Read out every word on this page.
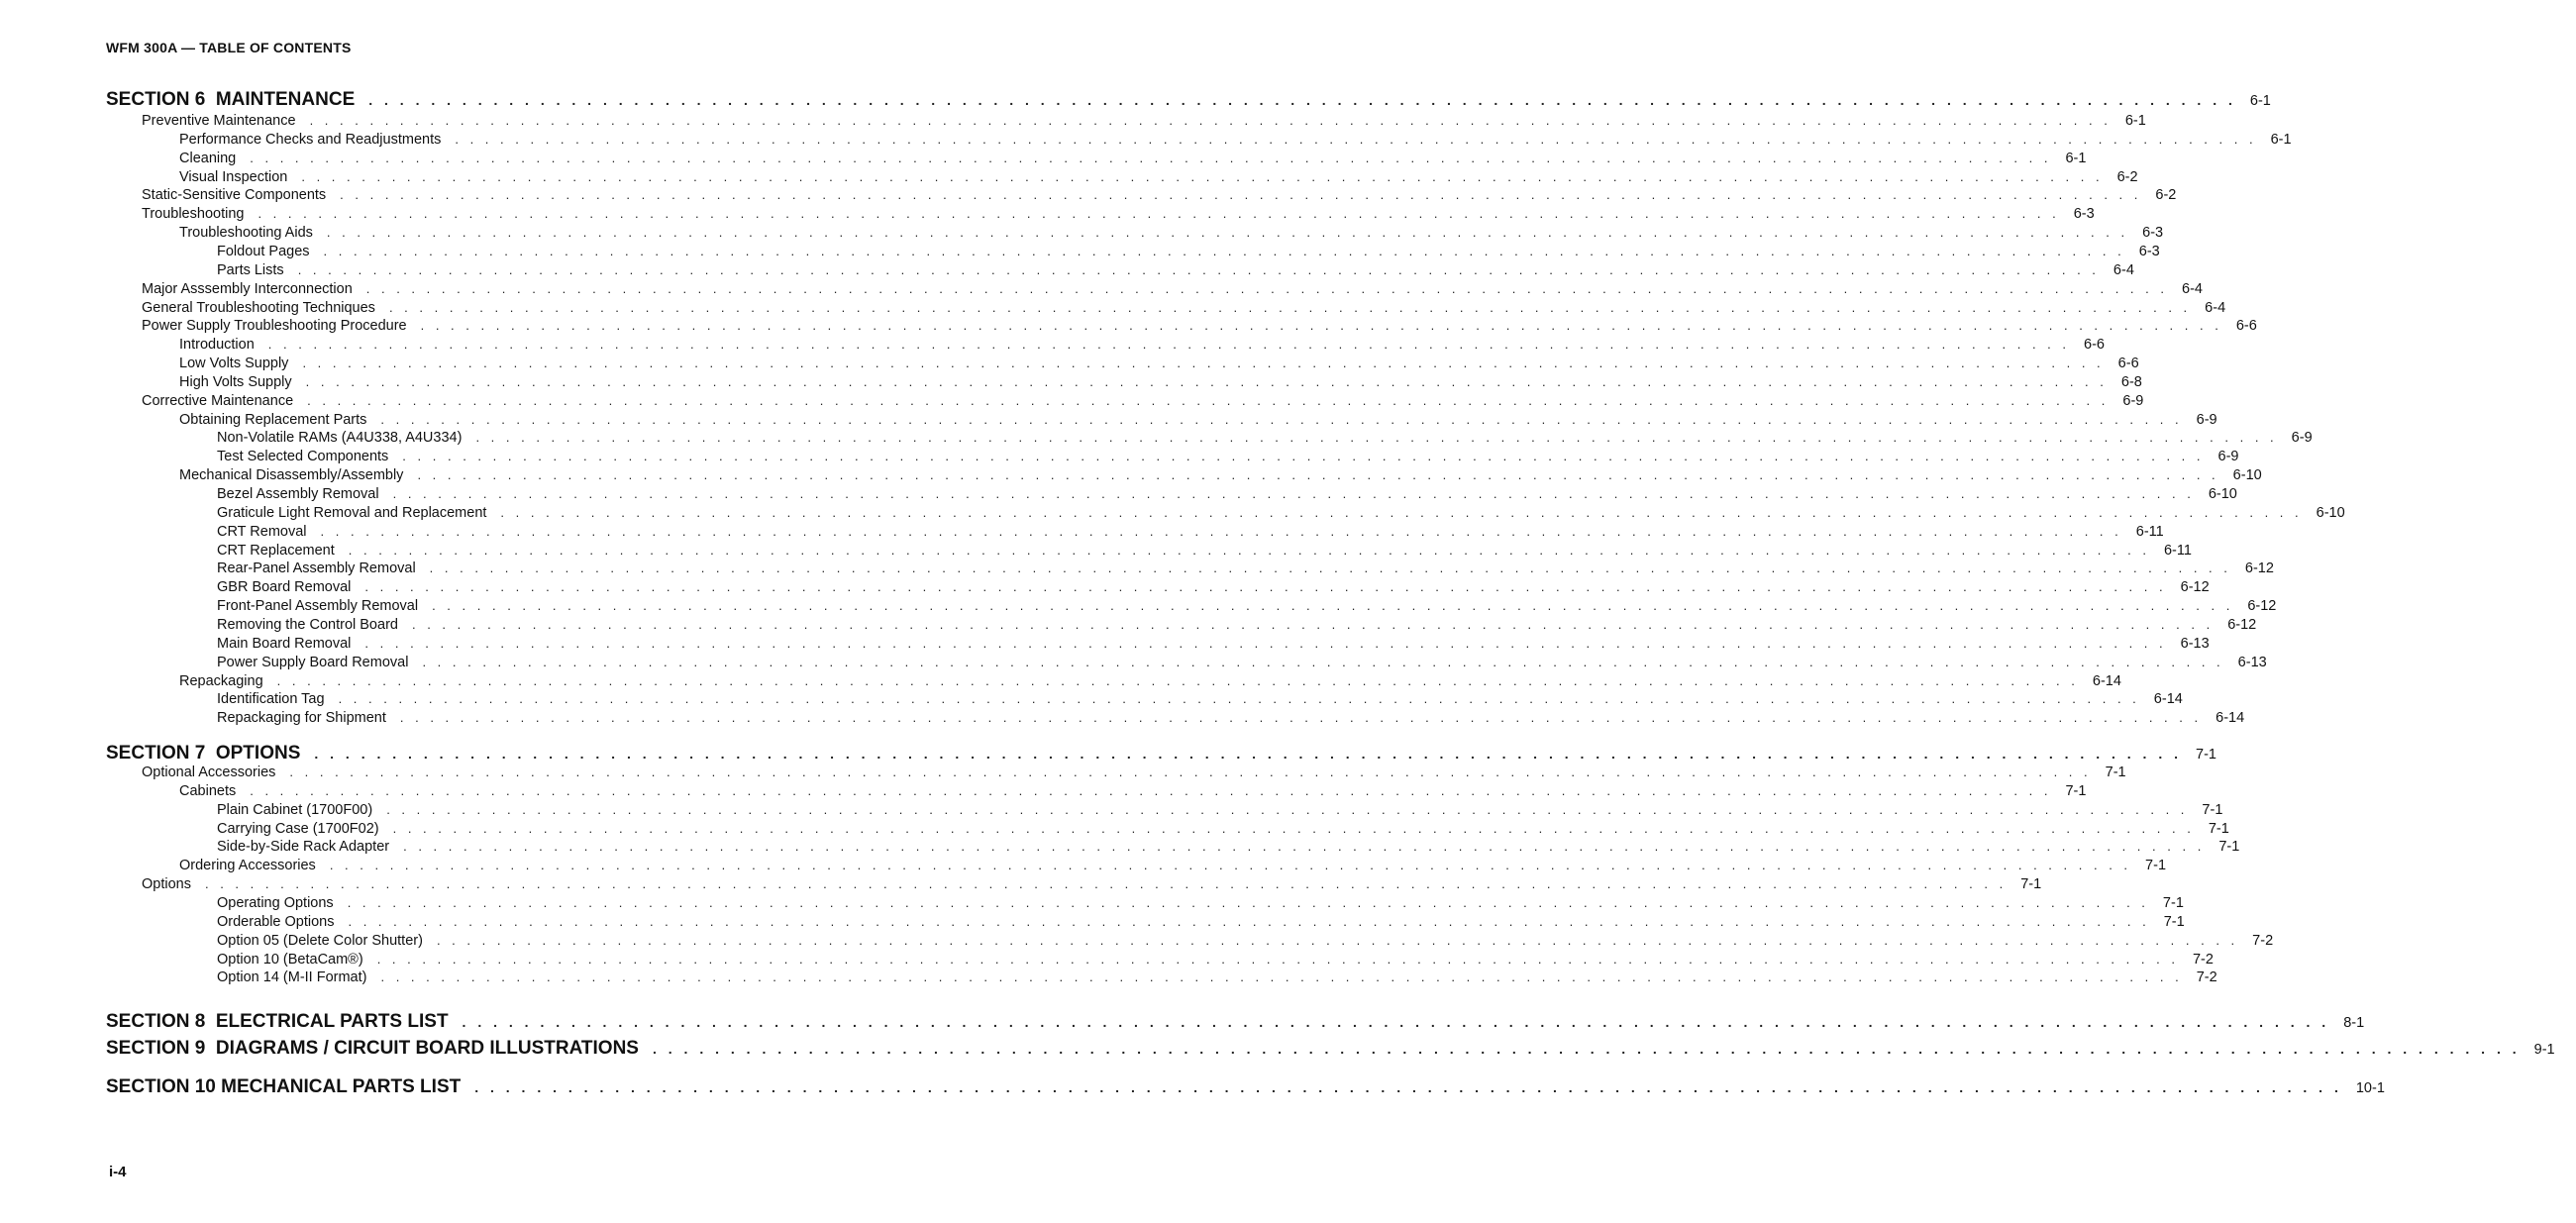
WFM 300A — TABLE OF CONTENTS
SECTION 6  MAINTENANCE . . . . . . . . . . . . . . . . . . . . . . . . . . . . . . . . . . . . . . . . . . . . . . . . . . . . . . . . . . . . . . . . . . . . . . . . . . . . . . . . . . . . . . . . . . . . . . . . . . . . . . . . . . . . . . . . . . . . . . . . 6-1
Preventive Maintenance . . . . . . . . . . . . . . . . . . . . . . . . . . . . . . . . . . . . . . . . . . . . . . . . . . . . . . . . . . . . . . . . . . . . . . . . . . . . . . . . . . . . . . . . . . . . . . . . . . . . . . . . . . . . . . . . . . . . . . . . 6-1
Performance Checks and Readjustments . . . . . . . . . . . . . . . . . . . . . . . . . . . . . . . . . . . . . . . . . . . . . . . . . . . . . . . . . . . . . . . . . . . . . . . . . . . . . . . . . . . . . . . . . . . . . . . . . . . . . . . . . . . . . . . . . . . . . . . . 6-1
Cleaning . . . . . . . . . . . . . . . . . . . . . . . . . . . . . . . . . . . . . . . . . . . . . . . . . . . . . . . . . . . . . . . . . . . . . . . . . . . . . . . . . . . . . . . . . . . . . . . . . . . . . . . . . . . . . . . . . . . . . . . . 6-1
Visual Inspection . . . . . . . . . . . . . . . . . . . . . . . . . . . . . . . . . . . . . . . . . . . . . . . . . . . . . . . . . . . . . . . . . . . . . . . . . . . . . . . . . . . . . . . . . . . . . . . . . . . . . . . . . . . . . . . . . . . . . . . . 6-2
Static-Sensitive Components . . . . . . . . . . . . . . . . . . . . . . . . . . . . . . . . . . . . . . . . . . . . . . . . . . . . . . . . . . . . . . . . . . . . . . . . . . . . . . . . . . . . . . . . . . . . . . . . . . . . . . . . . . . . . . . . . . . . . . . . 6-2
Troubleshooting . . . . . . . . . . . . . . . . . . . . . . . . . . . . . . . . . . . . . . . . . . . . . . . . . . . . . . . . . . . . . . . . . . . . . . . . . . . . . . . . . . . . . . . . . . . . . . . . . . . . . . . . . . . . . . . . . . . . . . . . 6-3
Troubleshooting Aids . . . . . . . . . . . . . . . . . . . . . . . . . . . . . . . . . . . . . . . . . . . . . . . . . . . . . . . . . . . . . . . . . . . . . . . . . . . . . . . . . . . . . . . . . . . . . . . . . . . . . . . . . . . . . . . . . . . . . . . . 6-3
Foldout Pages . . . . . . . . . . . . . . . . . . . . . . . . . . . . . . . . . . . . . . . . . . . . . . . . . . . . . . . . . . . . . . . . . . . . . . . . . . . . . . . . . . . . . . . . . . . . . . . . . . . . . . . . . . . . . . . . . . . . . . . . 6-3
Parts Lists . . . . . . . . . . . . . . . . . . . . . . . . . . . . . . . . . . . . . . . . . . . . . . . . . . . . . . . . . . . . . . . . . . . . . . . . . . . . . . . . . . . . . . . . . . . . . . . . . . . . . . . . . . . . . . . . . . . . . . . . 6-4
Major Asssembly Interconnection . . . . . . . . . . . . . . . . . . . . . . . . . . . . . . . . . . . . . . . . . . . . . . . . . . . . . . . . . . . . . . . . . . . . . . . . . . . . . . . . . . . . . . . . . . . . . . . . . . . . . . . . . . . . . . . . . . . . . . . . 6-4
General Troubleshooting Techniques . . . . . . . . . . . . . . . . . . . . . . . . . . . . . . . . . . . . . . . . . . . . . . . . . . . . . . . . . . . . . . . . . . . . . . . . . . . . . . . . . . . . . . . . . . . . . . . . . . . . . . . . . . . . . . . . . . . . . . . . 6-4
Power Supply Troubleshooting Procedure . . . . . . . . . . . . . . . . . . . . . . . . . . . . . . . . . . . . . . . . . . . . . . . . . . . . . . . . . . . . . . . . . . . . . . . . . . . . . . . . . . . . . . . . . . . . . . . . . . . . . . . . . . . . . . . . . . . . . . . . 6-6
Introduction . . . . . . . . . . . . . . . . . . . . . . . . . . . . . . . . . . . . . . . . . . . . . . . . . . . . . . . . . . . . . . . . . . . . . . . . . . . . . . . . . . . . . . . . . . . . . . . . . . . . . . . . . . . . . . . . . . . . . . . . 6-6
Low Volts Supply . . . . . . . . . . . . . . . . . . . . . . . . . . . . . . . . . . . . . . . . . . . . . . . . . . . . . . . . . . . . . . . . . . . . . . . . . . . . . . . . . . . . . . . . . . . . . . . . . . . . . . . . . . . . . . . . . . . . . . . . 6-6
High Volts Supply . . . . . . . . . . . . . . . . . . . . . . . . . . . . . . . . . . . . . . . . . . . . . . . . . . . . . . . . . . . . . . . . . . . . . . . . . . . . . . . . . . . . . . . . . . . . . . . . . . . . . . . . . . . . . . . . . . . . . . . . 6-8
Corrective Maintenance . . . . . . . . . . . . . . . . . . . . . . . . . . . . . . . . . . . . . . . . . . . . . . . . . . . . . . . . . . . . . . . . . . . . . . . . . . . . . . . . . . . . . . . . . . . . . . . . . . . . . . . . . . . . . . . . . . . . . . . . 6-9
Obtaining Replacement Parts . . . . . . . . . . . . . . . . . . . . . . . . . . . . . . . . . . . . . . . . . . . . . . . . . . . . . . . . . . . . . . . . . . . . . . . . . . . . . . . . . . . . . . . . . . . . . . . . . . . . . . . . . . . . . . . . . . . . . . . . 6-9
Non-Volatile RAMs (A4U338, A4U334) . . . . . . . . . . . . . . . . . . . . . . . . . . . . . . . . . . . . . . . . . . . . . . . . . . . . . . . . . . . . . . . . . . . . . . . . . . . . . . . . . . . . . . . . . . . . . . . . . . . . . . . . . . . . . . . . . . . . . . . . 6-9
Test Selected Components . . . . . . . . . . . . . . . . . . . . . . . . . . . . . . . . . . . . . . . . . . . . . . . . . . . . . . . . . . . . . . . . . . . . . . . . . . . . . . . . . . . . . . . . . . . . . . . . . . . . . . . . . . . . . . . . . . . . . . . . 6-9
Mechanical Disassembly/Assembly . . . . . . . . . . . . . . . . . . . . . . . . . . . . . . . . . . . . . . . . . . . . . . . . . . . . . . . . . . . . . . . . . . . . . . . . . . . . . . . . . . . . . . . . . . . . . . . . . . . . . . . . . . . . . . . . . . . . . . . . 6-10
Bezel Assembly Removal . . . . . . . . . . . . . . . . . . . . . . . . . . . . . . . . . . . . . . . . . . . . . . . . . . . . . . . . . . . . . . . . . . . . . . . . . . . . . . . . . . . . . . . . . . . . . . . . . . . . . . . . . . . . . . . . . . . . . . . . 6-10
Graticule Light Removal and Replacement . . . . . . . . . . . . . . . . . . . . . . . . . . . . . . . . . . . . . . . . . . . . . . . . . . . . . . . . . . . . . . . . . . . . . . . . . . . . . . . . . . . . . . . . . . . . . . . . . . . . . . . . . . . . . . . . . . . . . . . . 6-10
CRT Removal . . . . . . . . . . . . . . . . . . . . . . . . . . . . . . . . . . . . . . . . . . . . . . . . . . . . . . . . . . . . . . . . . . . . . . . . . . . . . . . . . . . . . . . . . . . . . . . . . . . . . . . . . . . . . . . . . . . . . . . . 6-11
CRT Replacement . . . . . . . . . . . . . . . . . . . . . . . . . . . . . . . . . . . . . . . . . . . . . . . . . . . . . . . . . . . . . . . . . . . . . . . . . . . . . . . . . . . . . . . . . . . . . . . . . . . . . . . . . . . . . . . . . . . . . . . . 6-11
Rear-Panel Assembly Removal . . . . . . . . . . . . . . . . . . . . . . . . . . . . . . . . . . . . . . . . . . . . . . . . . . . . . . . . . . . . . . . . . . . . . . . . . . . . . . . . . . . . . . . . . . . . . . . . . . . . . . . . . . . . . . . . . . . . . . . . 6-12
GBR Board Removal . . . . . . . . . . . . . . . . . . . . . . . . . . . . . . . . . . . . . . . . . . . . . . . . . . . . . . . . . . . . . . . . . . . . . . . . . . . . . . . . . . . . . . . . . . . . . . . . . . . . . . . . . . . . . . . . . . . . . . . . 6-12
Front-Panel Assembly Removal . . . . . . . . . . . . . . . . . . . . . . . . . . . . . . . . . . . . . . . . . . . . . . . . . . . . . . . . . . . . . . . . . . . . . . . . . . . . . . . . . . . . . . . . . . . . . . . . . . . . . . . . . . . . . . . . . . . . . . . . 6-12
Removing the Control Board . . . . . . . . . . . . . . . . . . . . . . . . . . . . . . . . . . . . . . . . . . . . . . . . . . . . . . . . . . . . . . . . . . . . . . . . . . . . . . . . . . . . . . . . . . . . . . . . . . . . . . . . . . . . . . . . . . . . . . . . 6-12
Main Board Removal . . . . . . . . . . . . . . . . . . . . . . . . . . . . . . . . . . . . . . . . . . . . . . . . . . . . . . . . . . . . . . . . . . . . . . . . . . . . . . . . . . . . . . . . . . . . . . . . . . . . . . . . . . . . . . . . . . . . . . . . 6-13
Power Supply Board Removal . . . . . . . . . . . . . . . . . . . . . . . . . . . . . . . . . . . . . . . . . . . . . . . . . . . . . . . . . . . . . . . . . . . . . . . . . . . . . . . . . . . . . . . . . . . . . . . . . . . . . . . . . . . . . . . . . . . . . . . . 6-13
Repackaging . . . . . . . . . . . . . . . . . . . . . . . . . . . . . . . . . . . . . . . . . . . . . . . . . . . . . . . . . . . . . . . . . . . . . . . . . . . . . . . . . . . . . . . . . . . . . . . . . . . . . . . . . . . . . . . . . . . . . . . . 6-14
Identification Tag . . . . . . . . . . . . . . . . . . . . . . . . . . . . . . . . . . . . . . . . . . . . . . . . . . . . . . . . . . . . . . . . . . . . . . . . . . . . . . . . . . . . . . . . . . . . . . . . . . . . . . . . . . . . . . . . . . . . . . . . 6-14
Repackaging for Shipment . . . . . . . . . . . . . . . . . . . . . . . . . . . . . . . . . . . . . . . . . . . . . . . . . . . . . . . . . . . . . . . . . . . . . . . . . . . . . . . . . . . . . . . . . . . . . . . . . . . . . . . . . . . . . . . . . . . . . . . . 6-14
SECTION 7  OPTIONS . . . . . . . . . . . . . . . . . . . . . . . . . . . . . . . . . . . . . . . . . . . . . . . . . . . . . . . . . . . . . . . . . . . . . . . . . . . . . . . . . . . . . . . . . . . . . . . . . . . . . . . . . . . . . . . . . . . . . . . . 7-1
Optional Accessories . . . . . . . . . . . . . . . . . . . . . . . . . . . . . . . . . . . . . . . . . . . . . . . . . . . . . . . . . . . . . . . . . . . . . . . . . . . . . . . . . . . . . . . . . . . . . . . . . . . . . . . . . . . . . . . . . . . . . . . . 7-1
Cabinets . . . . . . . . . . . . . . . . . . . . . . . . . . . . . . . . . . . . . . . . . . . . . . . . . . . . . . . . . . . . . . . . . . . . . . . . . . . . . . . . . . . . . . . . . . . . . . . . . . . . . . . . . . . . . . . . . . . . . . . . 7-1
Plain Cabinet (1700F00) . . . . . . . . . . . . . . . . . . . . . . . . . . . . . . . . . . . . . . . . . . . . . . . . . . . . . . . . . . . . . . . . . . . . . . . . . . . . . . . . . . . . . . . . . . . . . . . . . . . . . . . . . . . . . . . . . . . . . . . . 7-1
Carrying Case (1700F02) . . . . . . . . . . . . . . . . . . . . . . . . . . . . . . . . . . . . . . . . . . . . . . . . . . . . . . . . . . . . . . . . . . . . . . . . . . . . . . . . . . . . . . . . . . . . . . . . . . . . . . . . . . . . . . . . . . . . . . . . 7-1
Side-by-Side Rack Adapter . . . . . . . . . . . . . . . . . . . . . . . . . . . . . . . . . . . . . . . . . . . . . . . . . . . . . . . . . . . . . . . . . . . . . . . . . . . . . . . . . . . . . . . . . . . . . . . . . . . . . . . . . . . . . . . . . . . . . . . . 7-1
Ordering Accessories . . . . . . . . . . . . . . . . . . . . . . . . . . . . . . . . . . . . . . . . . . . . . . . . . . . . . . . . . . . . . . . . . . . . . . . . . . . . . . . . . . . . . . . . . . . . . . . . . . . . . . . . . . . . . . . . . . . . . . . . 7-1
Options . . . . . . . . . . . . . . . . . . . . . . . . . . . . . . . . . . . . . . . . . . . . . . . . . . . . . . . . . . . . . . . . . . . . . . . . . . . . . . . . . . . . . . . . . . . . . . . . . . . . . . . . . . . . . . . . . . . . . . . . 7-1
Operating Options . . . . . . . . . . . . . . . . . . . . . . . . . . . . . . . . . . . . . . . . . . . . . . . . . . . . . . . . . . . . . . . . . . . . . . . . . . . . . . . . . . . . . . . . . . . . . . . . . . . . . . . . . . . . . . . . . . . . . . . . 7-1
Orderable Options . . . . . . . . . . . . . . . . . . . . . . . . . . . . . . . . . . . . . . . . . . . . . . . . . . . . . . . . . . . . . . . . . . . . . . . . . . . . . . . . . . . . . . . . . . . . . . . . . . . . . . . . . . . . . . . . . . . . . . . . 7-1
Option 05 (Delete Color Shutter) . . . . . . . . . . . . . . . . . . . . . . . . . . . . . . . . . . . . . . . . . . . . . . . . . . . . . . . . . . . . . . . . . . . . . . . . . . . . . . . . . . . . . . . . . . . . . . . . . . . . . . . . . . . . . . . . . . . . . . . . 7-2
Option 10 (BetaCam®) . . . . . . . . . . . . . . . . . . . . . . . . . . . . . . . . . . . . . . . . . . . . . . . . . . . . . . . . . . . . . . . . . . . . . . . . . . . . . . . . . . . . . . . . . . . . . . . . . . . . . . . . . . . . . . . . . . . . . . . . 7-2
Option 14 (M-II Format) . . . . . . . . . . . . . . . . . . . . . . . . . . . . . . . . . . . . . . . . . . . . . . . . . . . . . . . . . . . . . . . . . . . . . . . . . . . . . . . . . . . . . . . . . . . . . . . . . . . . . . . . . . . . . . . . . . . . . . . . 7-2
SECTION 8  ELECTRICAL PARTS LIST . . . . . . . . . . . . . . . . . . . . . . . . . . . . . . . . . . . . . . . . . . . . . . . . . . . . . . . . . . . . . . . . . . . . . . . . . . . . . . . . . . . . . . . . . . . . . . . . . . . . . . . . . . . . . . . . . . . . . . . . 8-1
SECTION 9  DIAGRAMS / CIRCUIT BOARD ILLUSTRATIONS . . . . . . . . . . . . . . . . . . . . . . . . . . . . . . . . . . . . . . . . . . . . . . . . . . . . . . . . . . . . . . . . . . . . . . . . . . . . . . . . . . . . . . . . . . . . . . . . . . . . . . . . . . . . . . . . . . . . . . . . 9-1
SECTION 10 MECHANICAL PARTS LIST . . . . . . . . . . . . . . . . . . . . . . . . . . . . . . . . . . . . . . . . . . . . . . . . . . . . . . . . . . . . . . . . . . . . . . . . . . . . . . . . . . . . . . . . . . . . . . . . . . . . . . . . . . . . . . . . . . . . . . . . 10-1
i-4
